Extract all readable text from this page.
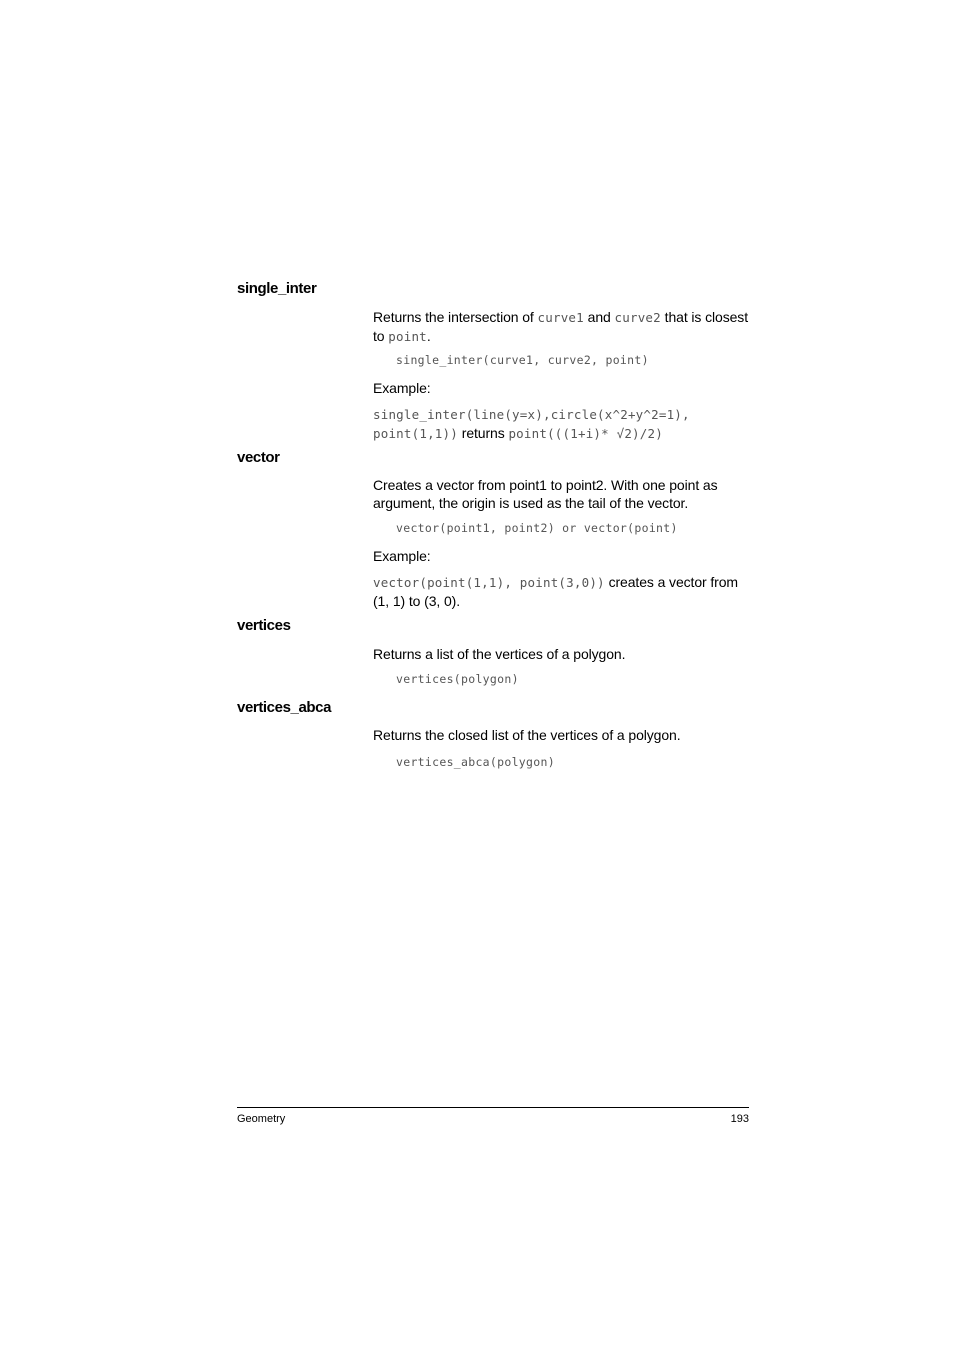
single_inter
Returns the intersection of curve1 and curve2 that is closest to point.
single_inter(curve1, curve2, point)
Example:
single_inter(line(y=x),circle(x^2+y^2=1),
point(1,1)) returns point(((1+i)* √2)/2)
vector
Creates a vector from point1 to point2. With one point as argument, the origin is used as the tail of the vector.
vector(point1, point2) or vector(point)
Example:
vector(point(1,1), point(3,0)) creates a vector from (1, 1) to (3, 0).
vertices
Returns a list of the vertices of a polygon.
vertices(polygon)
vertices_abca
Returns the closed list of the vertices of a polygon.
vertices_abca(polygon)
Geometry	193
